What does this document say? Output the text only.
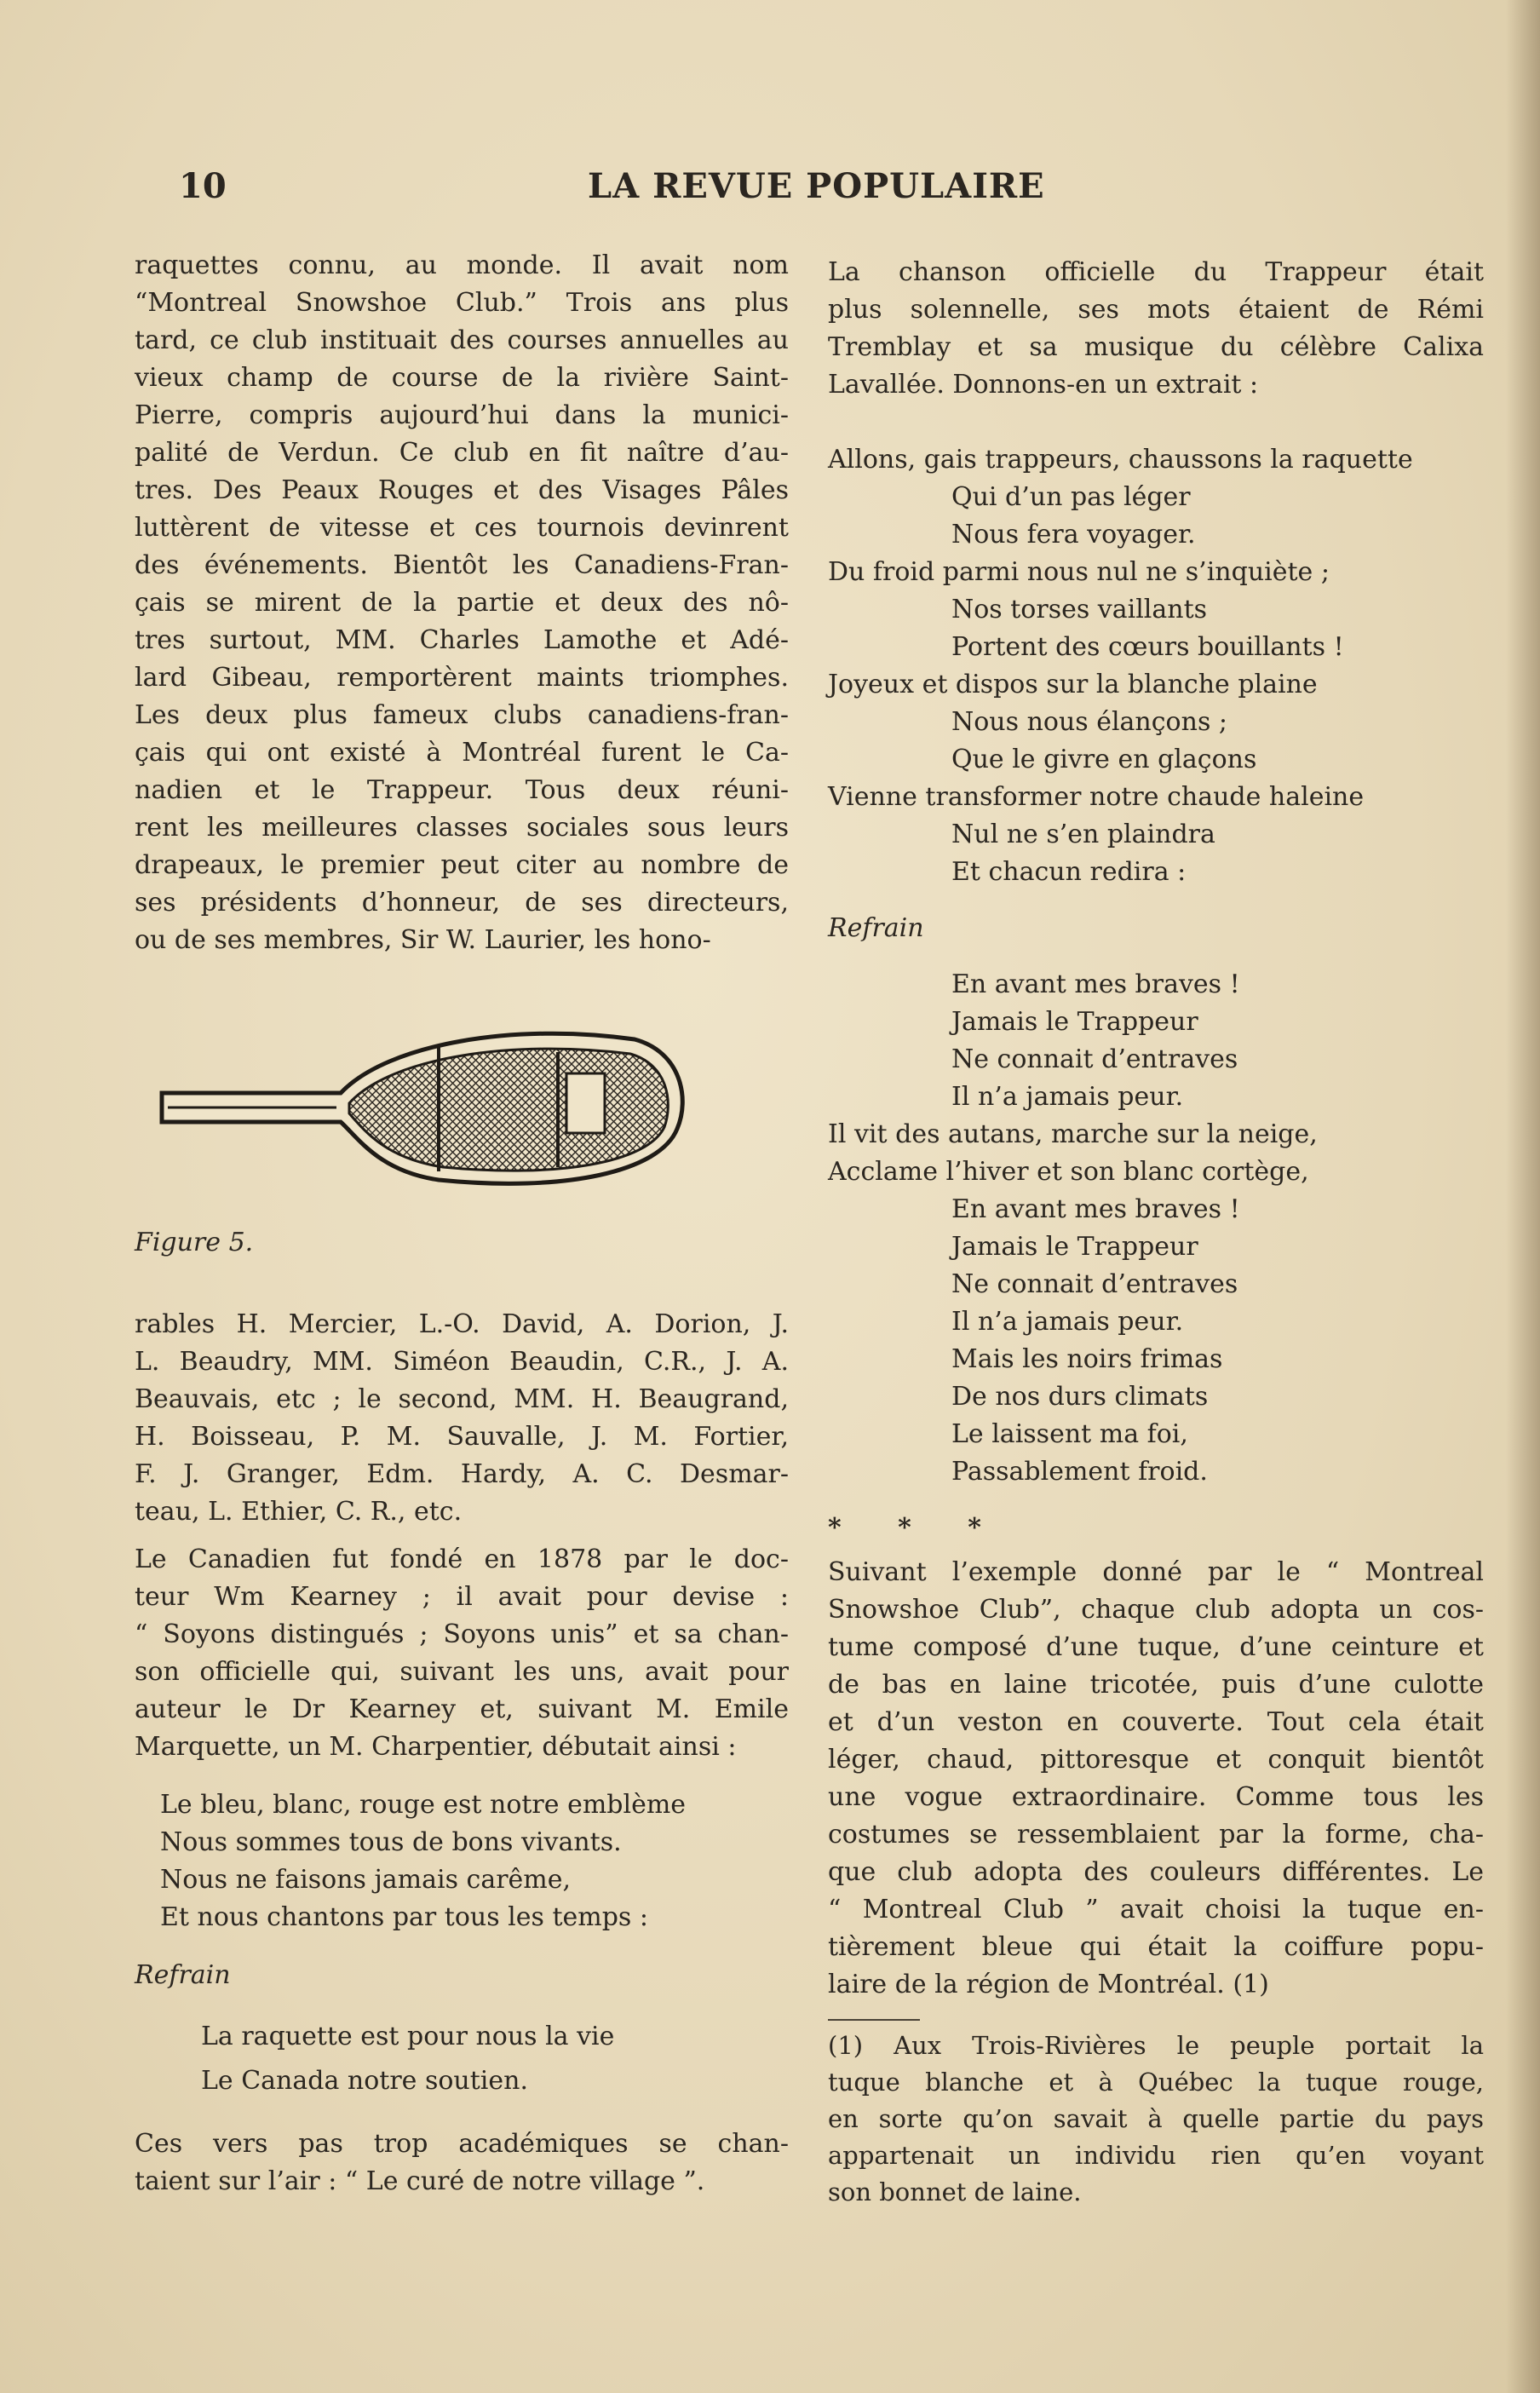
10	LA REVUE POPULAIRE

raquettes connu, au monde. Il avait nom

“Montreal Snowshoe Club.” Trois ans plus

tard, ce club instituait des courses annuelles au

vieux champ de course de la rivière Saint-

Pierre, compris aujourd’hui dans la munici-

palité de Verdun. Ce club en fit naître d’au-

tres. Des Peaux Rouges et des Visages Pâles

luttèrent de vitesse et ces tournois devinrent

des événements. Bientôt les Canadiens-Fran-

çais se mirent de la partie et deux des nô-

tres surtout, MM. Charles Lamothe et Adé-

lard Gibeau, remportèrent maints triomphes.

Les deux plus fameux clubs canadiens-fran-

çais qui ont existé à Montréal furent le Ca-

nadien et le Trappeur. Tous deux réuni-

rent les meilleures classes sociales sous leurs

drapeaux, le premier peut citer au nombre de

ses présidents d’honneur, de ses directeurs,

ou de ses membres, Sir W. Laurier, les hono-

Figure 5.

rables H. Mercier, L.-O. David, A. Dorion, J.

L. Beaudry, MM. Siméon Beaudin, C.R., J. A.

Beauvais, etc ; le second, MM. H. Beaugrand,

H. Boisseau, P. M. Sauvalle, J. M. Fortier,

F. J. Granger, Edm. Hardy, A. C. Desmar-

teau, L. Ethier, C. R., etc.

Le Canadien fut fondé en 1878 par le doc-

teur Wm Kearney ; il avait pour devise :

“ Soyons distingués ; Soyons unis” et sa chan-

son officielle qui, suivant les uns, avait pour

auteur le Dr Kearney et, suivant M. Emile

Marquette, un M. Charpentier, débutait ainsi :

Le bleu, blanc, rouge est notre emblème
Nous sommes tous de bons vivants.
Nous ne faisons jamais carême,
Et nous chantons par tous les temps :

Refrain

La raquette est pour nous la vie
Le Canada notre soutien.

Ces vers pas trop académiques se chan-

taient sur l’air : “ Le curé de notre village ”.

La chanson officielle du Trappeur était

plus solennelle, ses mots étaient de Rémi

Tremblay et sa musique du célèbre Calixa

Lavallée. Donnons-en un extrait :

Allons, gais trappeurs, chaussons la raquette
Qui d’un pas léger
Nous fera voyager.
Du froid parmi nous nul ne s’inquiète ;
Nos torses vaillants
Portent des cœurs bouillants !
Joyeux et dispos sur la blanche plaine
Nous nous élançons ;
Que le givre en glaçons
Vienne transformer notre chaude haleine
Nul ne s’en plaindra
Et chacun redira :

Refrain

En avant mes braves !
Jamais le Trappeur
Ne connait d’entraves
Il n’a jamais peur.
Il vit des autans, marche sur la neige,
Acclame l’hiver et son blanc cortège,
En avant mes braves !
Jamais le Trappeur
Ne connait d’entraves
Il n’a jamais peur.
Mais les noirs frimas
De nos durs climats
Le laissent ma foi,
Passablement froid.

* * *

Suivant l’exemple donné par le “ Montreal

Snowshoe Club”, chaque club adopta un cos-

tume composé d’une tuque, d’une ceinture et

de bas en laine tricotée, puis d’une culotte

et d’un veston en couverte. Tout cela était

léger, chaud, pittoresque et conquit bientôt

une vogue extraordinaire. Comme tous les

costumes se ressemblaient par la forme, cha-

que club adopta des couleurs différentes. Le

“ Montreal Club ” avait choisi la tuque en-

tièrement bleue qui était la coiffure popu-

laire de la région de Montréal. (1)

(1) Aux Trois-Rivières le peuple portait la

tuque blanche et à Québec la tuque rouge,

en sorte qu’on savait à quelle partie du pays

appartenait un individu rien qu’en voyant

son bonnet de laine.
